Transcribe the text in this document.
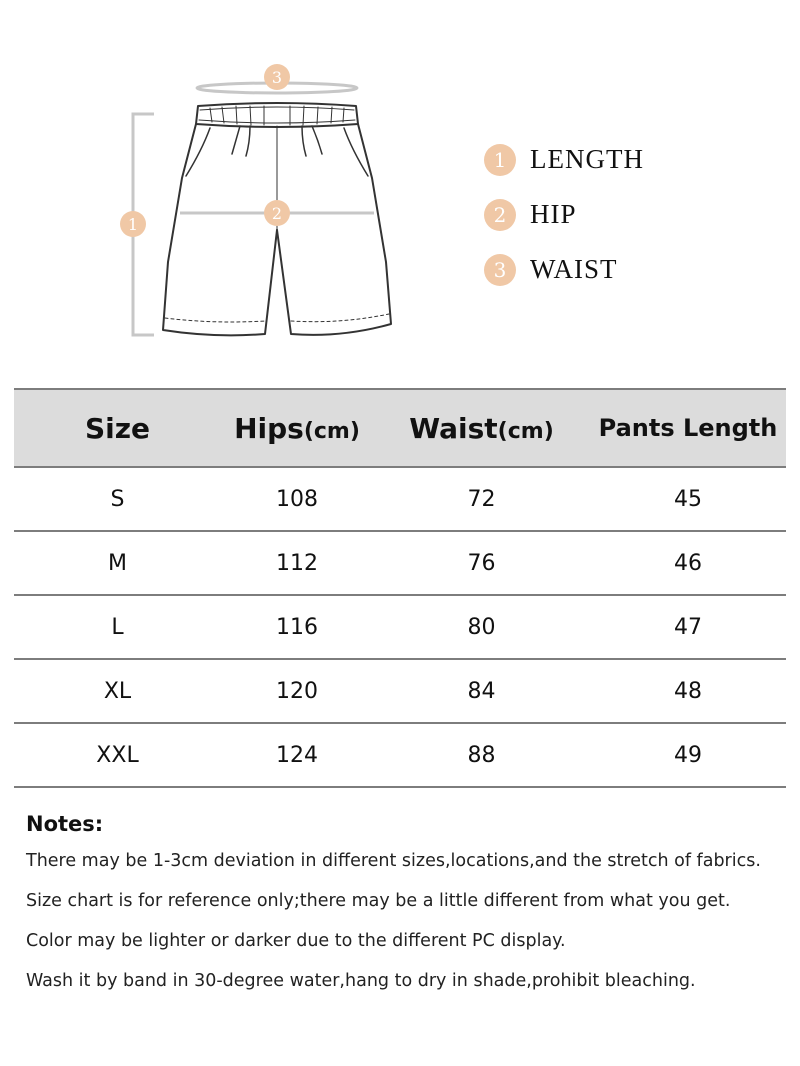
3
2
1
1 LENGTH
2 HIP
3 WAIST
Size	Hips(cm)	Waist(cm)	Pants Length
S	108	72	45
M	112	76	46
L	116	80	47
XL	120	84	48
XXL	124	88	49
Notes:
There may be 1-3cm deviation in different sizes,locations,and the stretch of fabrics.
Size chart is for reference only;there may be a little different from what you get.
Color may be lighter or darker due to the different PC display.
Wash it by band in 30-degree water,hang to dry in shade,prohibit bleaching.
